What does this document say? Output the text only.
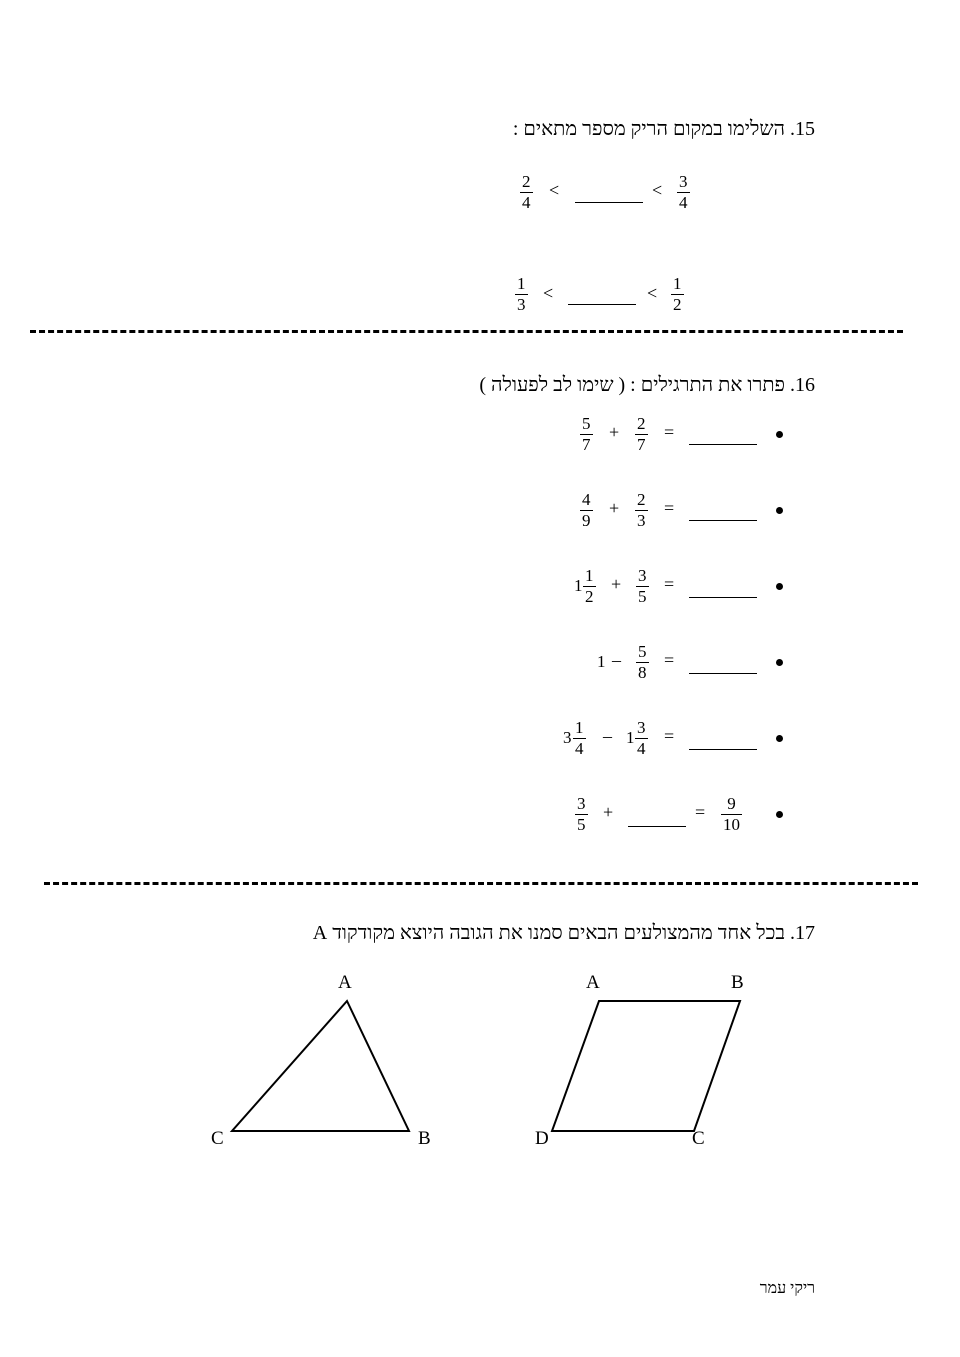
15. השלימו במקום הריק מספר מתאים :
2
4
<	< 3
4
1
3
<	< 1
2
16. פתרו את התרגילים : ( שימו לב לפעולה )
5
7
+ 2
7
=
4
9
+ 2
3
=
1
1
2
+ 3
5
=
1 – 5
8
=
3
1
4
– 1
3
4
=
3
5
+	= 9
10
17. בכל אחד מהמצולעים הבאים סמנו את הגובה היוצא מקודקוד A
A
B
C
A	B
C
D
ריקי עמר
